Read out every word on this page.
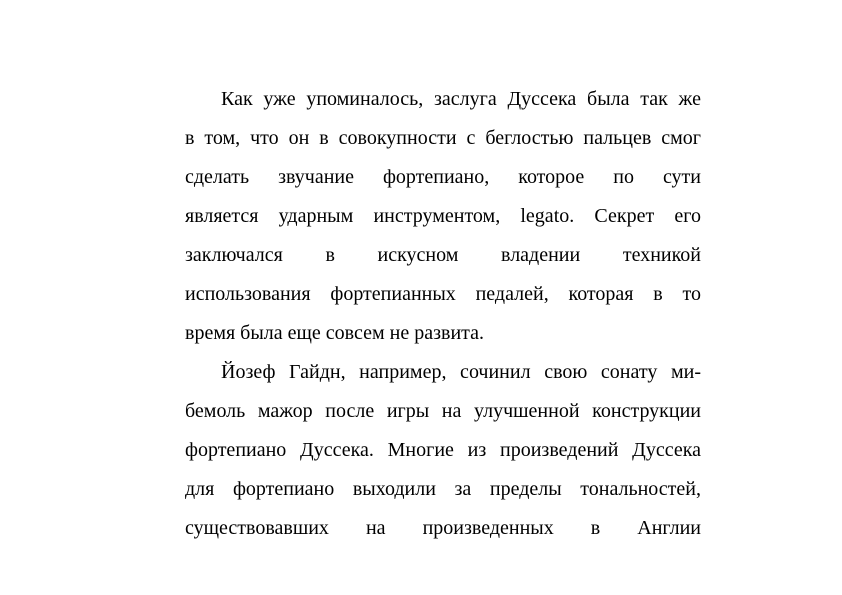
Как уже упоминалось, заслуга Дуссека была так же
в том, что он в совокупности с беглостью пальцев смог
сделать звучание фортепиано, которое по сути
является ударным инструментом, legato. Секрет его
заключался в искусном владении техникой
использования фортепианных педалей, которая в то
время была еще совсем не развита.
Йозеф Гайдн, например, сочинил свою сонату ми-
бемоль мажор после игры на улучшенной конструкции
фортепиано Дуссека. Многие из произведений Дуссека
для фортепиано выходили за пределы тональностей,
существовавших на произведенных в Англии
